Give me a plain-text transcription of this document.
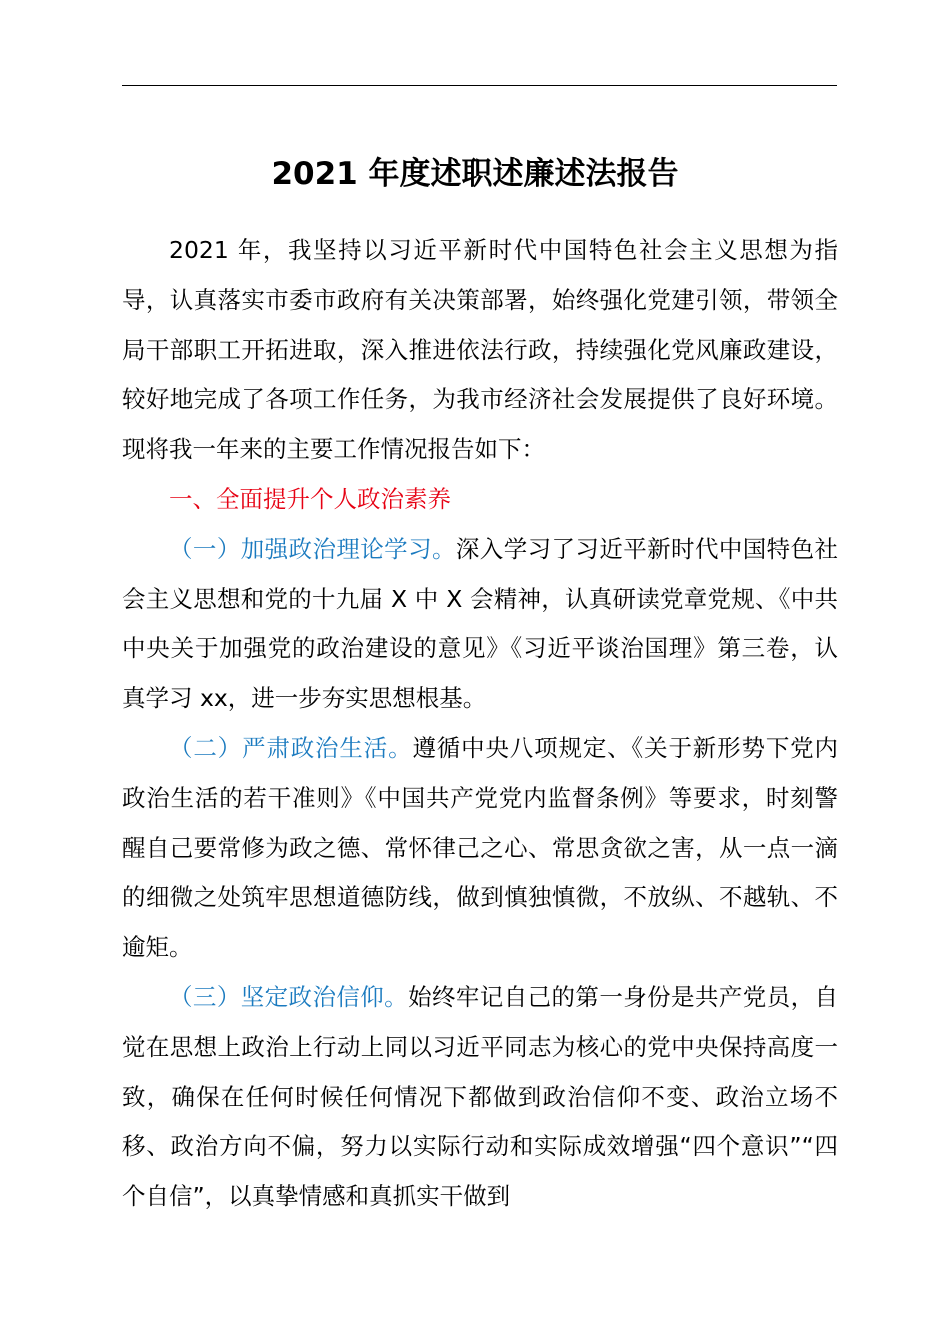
2021 年度述职述廉述法报告

2021 年，我坚持以习近平新时代中国特色社会主义思想为指导，认真落实市委市政府有关决策部署，始终强化党建引领，带领全局干部职工开拓进取，深入推进依法行政，持续强化党风廉政建设，较好地完成了各项工作任务，为我市经济社会发展提供了良好环境。现将我一年来的主要工作情况报告如下：

一、全面提升个人政治素养

（一）加强政治理论学习。深入学习了习近平新时代中国特色社会主义思想和党的十九届 X 中 X 会精神，认真研读党章党规、《中共中央关于加强党的政治建设的意见》《习近平谈治国理》第三卷，认真学习 xx，进一步夯实思想根基。

（二）严肃政治生活。遵循中央八项规定、《关于新形势下党内政治生活的若干准则》《中国共产党党内监督条例》等要求，时刻警醒自己要常修为政之德、常怀律己之心、常思贪欲之害，从一点一滴的细微之处筑牢思想道德防线，做到慎独慎微，不放纵、不越轨、不逾矩。

（三）坚定政治信仰。始终牢记自己的第一身份是共产党员，自觉在思想上政治上行动上同以习近平同志为核心的党中央保持高度一致，确保在任何时候任何情况下都做到政治信仰不变、政治立场不移、政治方向不偏，努力以实际行动和实际成效增强“四个意识”“四个自信”，以真挚情感和真抓实干做到
